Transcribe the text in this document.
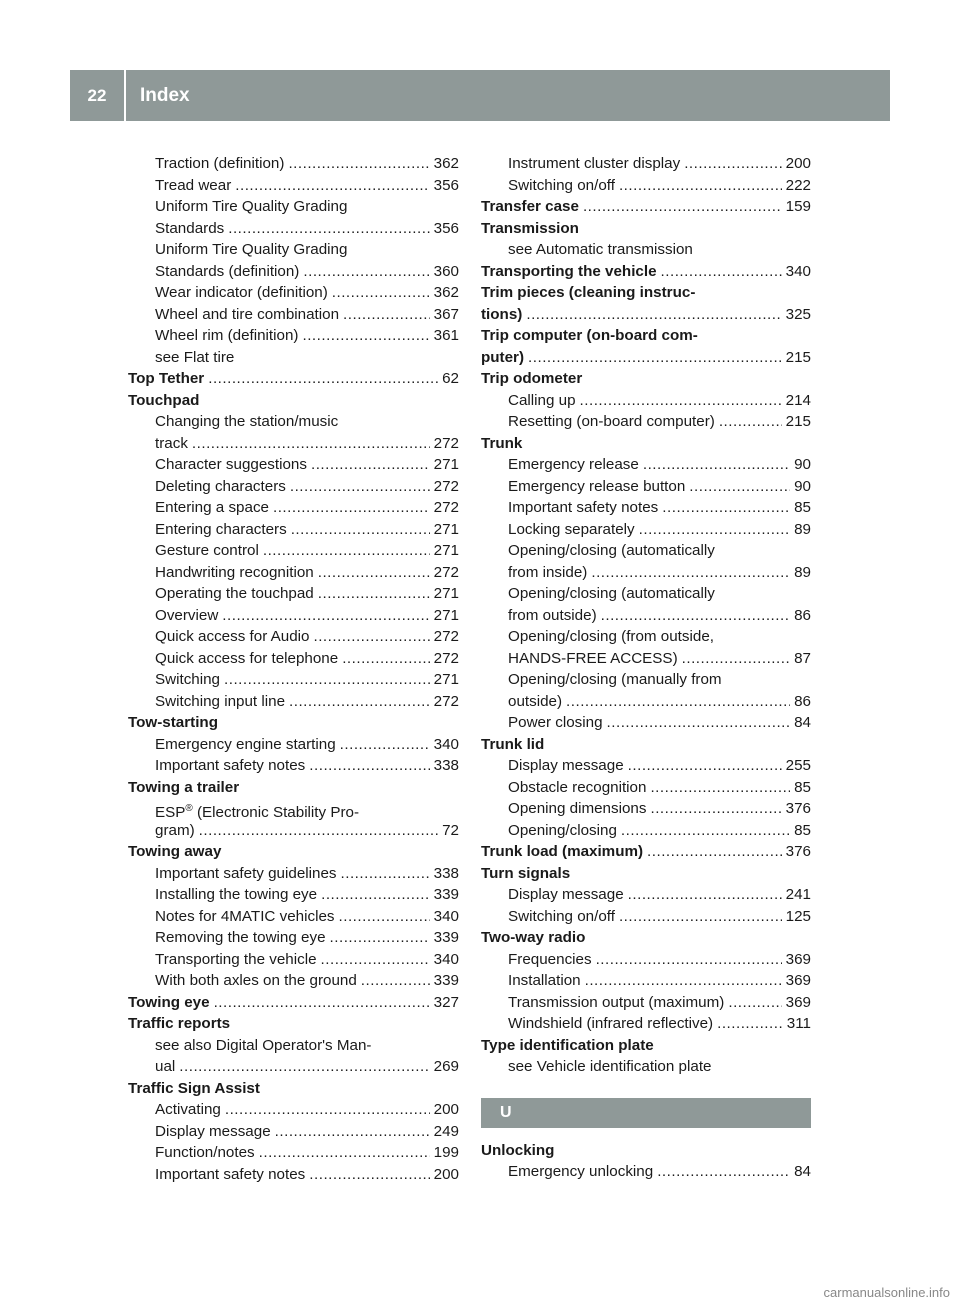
22	Index
Traction (definition) .....	362
Tread wear .....	356
Uniform Tire Quality Grading
Standards .....	356
Uniform Tire Quality Grading
Standards (definition) .....	360
Wear indicator (definition) .....	362
Wheel and tire combination .....	367
Wheel rim (definition) .....	361
see Flat tire
Top Tether .....	62
Touchpad
Changing the station/music
track .....	272
Character suggestions .....	271
Deleting characters .....	272
Entering a space .....	272
Entering characters .....	271
Gesture control .....	271
Handwriting recognition .....	272
Operating the touchpad .....	271
Overview .....	271
Quick access for Audio .....	272
Quick access for telephone .....	272
Switching .....	271
Switching input line .....	272
Tow-starting
Emergency engine starting .....	340
Important safety notes .....	338
Towing a trailer
ESP® (Electronic Stability Pro-
gram) .....	72
Towing away
Important safety guidelines .....	338
Installing the towing eye .....	339
Notes for 4MATIC vehicles .....	340
Removing the towing eye .....	339
Transporting the vehicle .....	340
With both axles on the ground .....	339
Towing eye .....	327
Traffic reports
see also Digital Operator's Man-
ual .....	269
Traffic Sign Assist
Activating .....	200
Display message .....	249
Function/notes .....	199
Important safety notes .....	200
Instrument cluster display .....	200
Switching on/off .....	222
Transfer case .....	159
Transmission
see Automatic transmission
Transporting the vehicle .....	340
Trim pieces (cleaning instruc-
tions) .....	325
Trip computer (on-board com-
puter) .....	215
Trip odometer
Calling up .....	214
Resetting (on-board computer) .....	215
Trunk
Emergency release .....	90
Emergency release button .....	90
Important safety notes .....	85
Locking separately .....	89
Opening/closing (automatically
from inside) .....	89
Opening/closing (automatically
from outside) .....	86
Opening/closing (from outside,
HANDS-FREE ACCESS) .....	87
Opening/closing (manually from
outside) .....	86
Power closing .....	84
Trunk lid
Display message .....	255
Obstacle recognition .....	85
Opening dimensions .....	376
Opening/closing .....	85
Trunk load (maximum) .....	376
Turn signals
Display message .....	241
Switching on/off .....	125
Two-way radio
Frequencies .....	369
Installation .....	369
Transmission output (maximum) .....	369
Windshield (infrared reflective) .....	311
Type identification plate
see Vehicle identification plate
U
Unlocking
Emergency unlocking .....	84
carmanualsonline.info
